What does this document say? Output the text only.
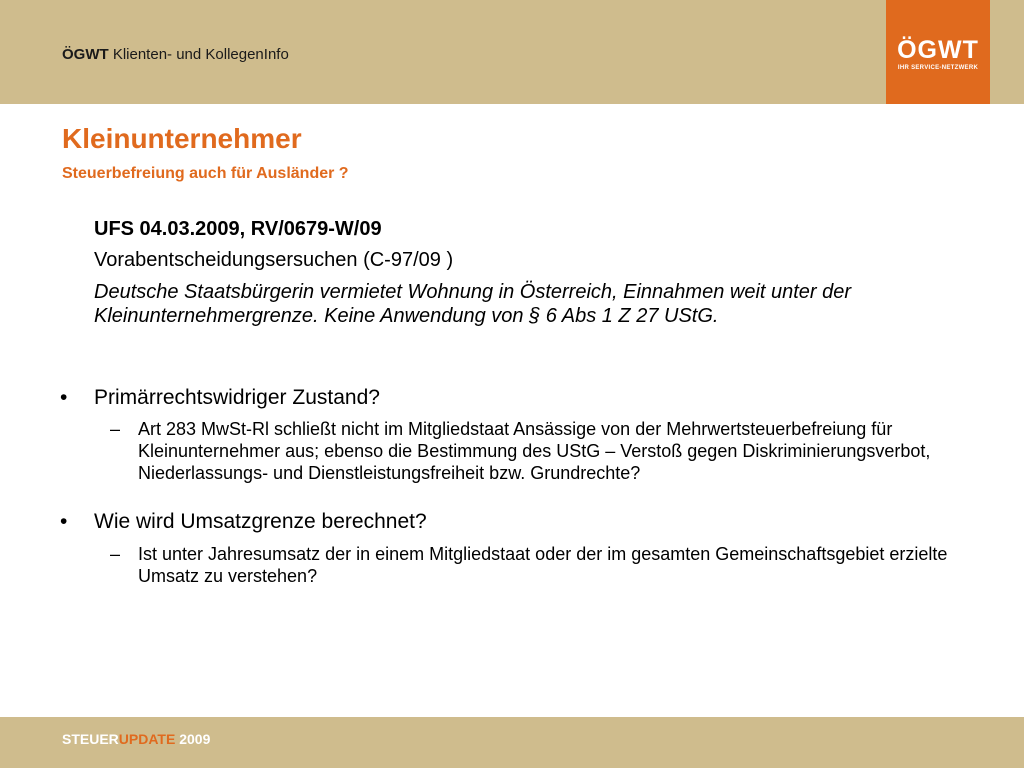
ÖGWT Klienten- und KollegenInfo	ÖGWT
IHR SERVICE-NETZWERK
Kleinunternehmer
Steuerbefreiung auch für Ausländer ?
UFS 04.03.2009, RV/0679-W/09
Vorabentscheidungsersuchen (C-97/09 )
Deutsche Staatsbürgerin vermietet Wohnung in Österreich, Einnahmen weit unter der Kleinunternehmergrenze. Keine Anwendung von § 6 Abs 1 Z 27 UStG.
• Primärrechtswidriger Zustand?
– Art 283 MwSt-Rl schließt nicht im Mitgliedstaat Ansässige von der Mehrwertsteuerbefreiung für Kleinunternehmer aus; ebenso die Bestimmung des UStG – Verstoß gegen Diskriminierungsverbot, Niederlassungs- und Dienstleistungsfreiheit bzw. Grundrechte?
• Wie wird Umsatzgrenze berechnet?
– Ist unter Jahresumsatz der in einem Mitgliedstaat oder der im gesamten Gemeinschaftsgebiet erzielte Umsatz zu verstehen?
STEUERUPDATE 2009
